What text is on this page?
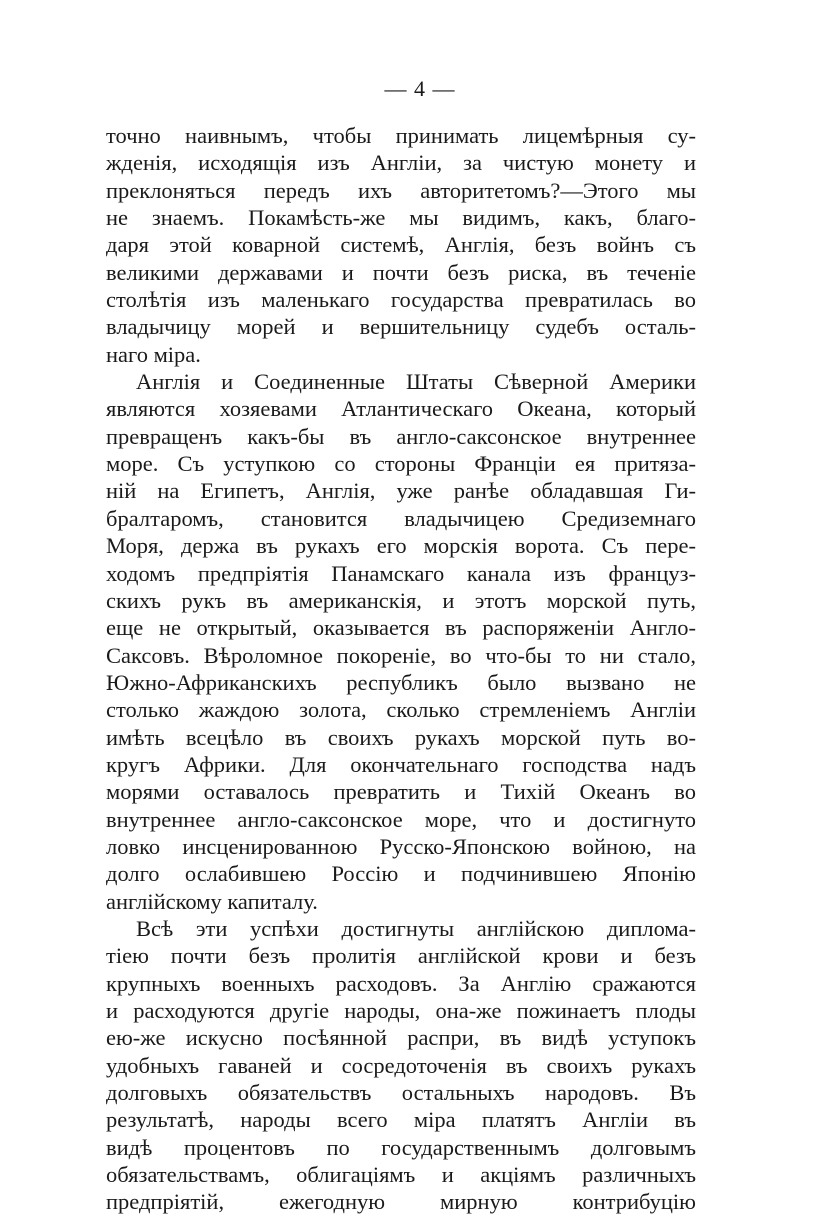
— 4 —
точно наивнымъ, чтобы принимать лицемѣрныя су-
жденія, исходящія изъ Англіи, за чистую монету и
преклоняться передъ ихъ авторитетомъ?—Этого мы
не знаемъ. Покамѣсть-же мы видимъ, какъ, благо-
даря этой коварной системѣ, Англія, безъ войнъ съ
великими державами и почти безъ риска, въ теченіе
столѣтія изъ маленькаго государства превратилась во
владычицу морей и вершительницу судебъ осталь-
наго міра.
Англія и Соединенные Штаты Сѣверной Америки
являются хозяевами Атлантическаго Океана, который
превращенъ какъ-бы въ англо-саксонское внутреннее
море. Съ уступкою со стороны Франціи ея притяза-
ній на Египетъ, Англія, уже ранѣе обладавшая Ги-
бралтаромъ, становится владычицею Средиземнаго
Моря, держа въ рукахъ его морскія ворота. Съ пере-
ходомъ предпріятія Панамскаго канала изъ француз-
скихъ рукъ въ американскія, и этотъ морской путь,
еще не открытый, оказывается въ распоряженіи Англо-
Саксовъ. Вѣроломное покореніе, во что-бы то ни стало,
Южно-Африканскихъ республикъ было вызвано не
столько жаждою золота, сколько стремленіемъ Англіи
имѣть всецѣло въ своихъ рукахъ морской путь во-
кругъ Африки. Для окончательнаго господства надъ
морями оставалось превратить и Тихій Океанъ во
внутреннее англо-саксонское море, что и достигнуто
ловко инсценированною Русско-Японскою войною, на
долго ослабившею Россію и подчинившею Японію
англійскому капиталу.
Всѣ эти успѣхи достигнуты англійскою диплома-
тіею почти безъ пролитія англійской крови и безъ
крупныхъ военныхъ расходовъ. За Англію сражаются
и расходуются другіе народы, она-же пожинаетъ плоды
ею-же искусно посѣянной распри, въ видѣ уступокъ
удобныхъ гаваней и сосредоточенія въ своихъ рукахъ
долговыхъ обязательствъ остальныхъ народовъ. Въ
результатѣ, народы всего міра платятъ Англіи въ
видѣ процентовъ по государственнымъ долговымъ
обязательствамъ, облигаціямъ и акціямъ различныхъ
предпріятій, ежегодную мирную контрибуцію
